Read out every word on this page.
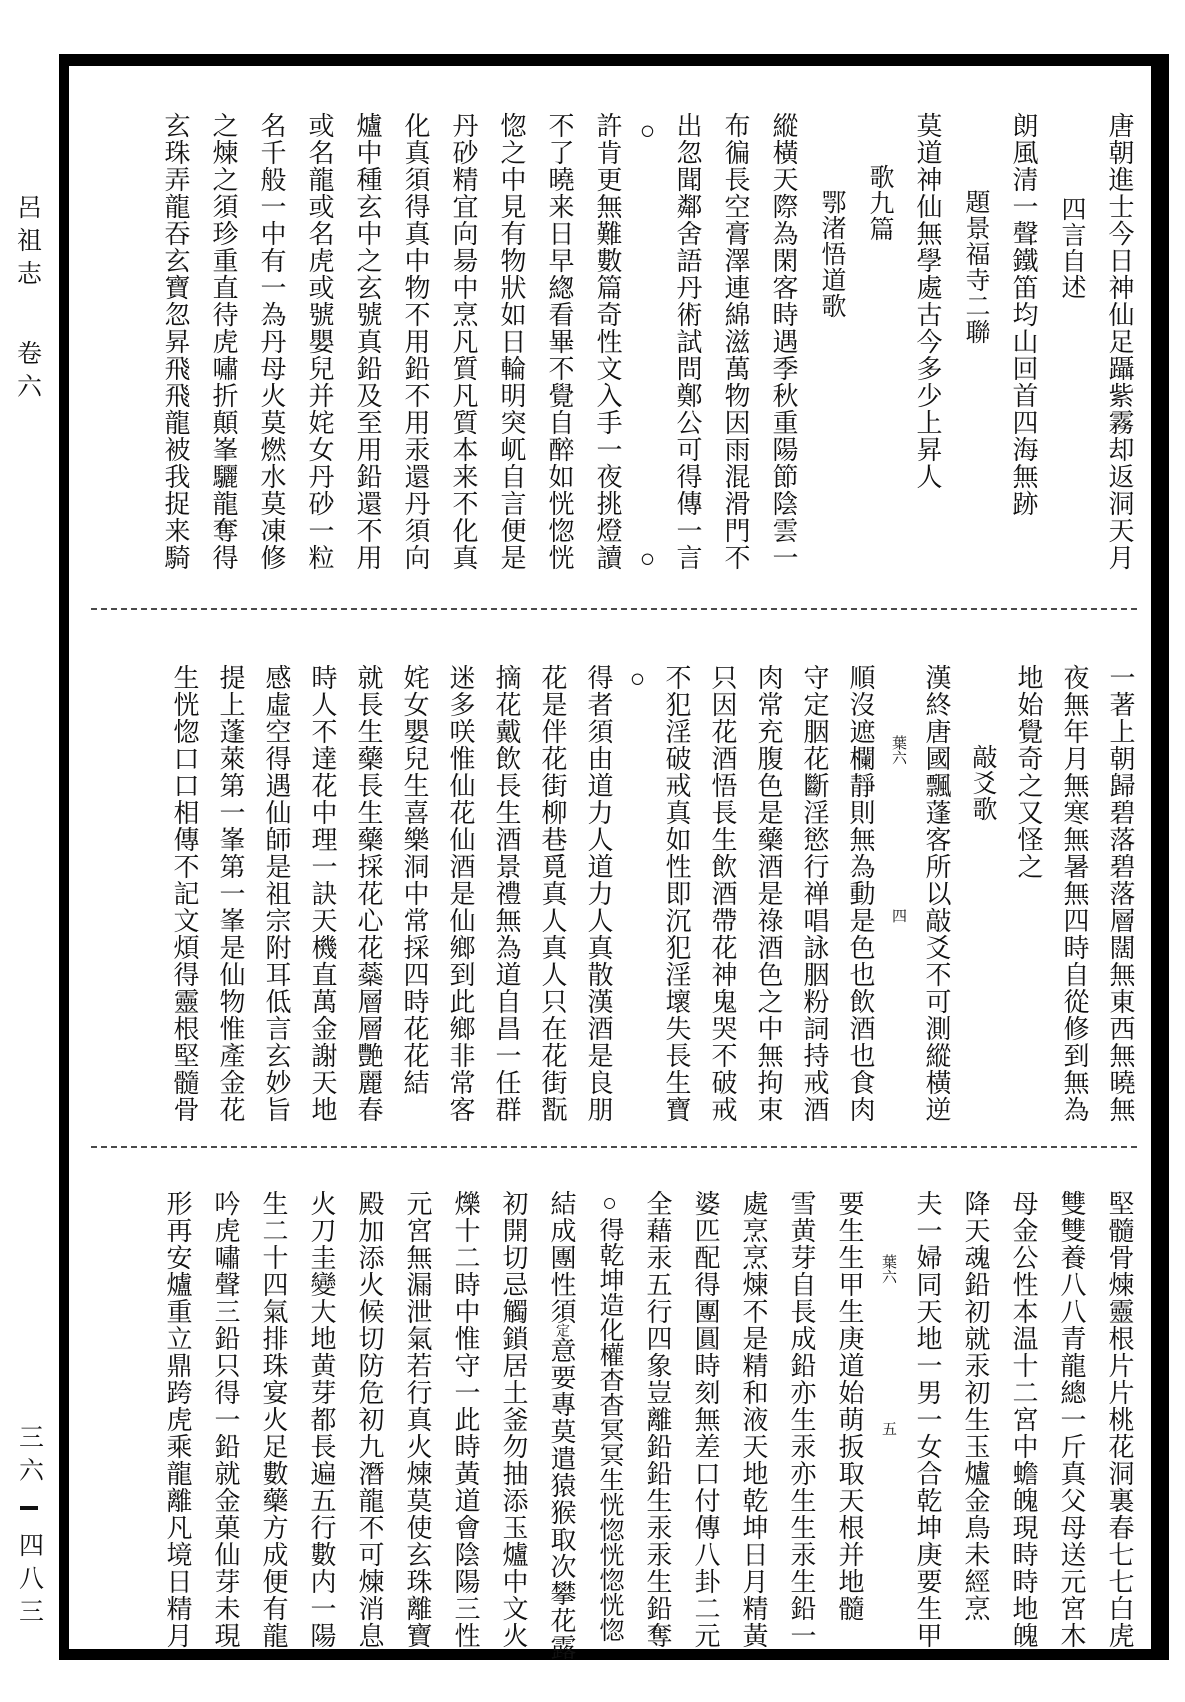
呂祖志
卷六
三六
四八三
唐朝進士今日神仙足躡紫霧却返洞天月
四言自述
朗風清一聲鐵笛均山回首四海無跡
題景福寺二聯
莫道神仙無學處古今多少上昇人
歌九篇
鄂渚悟道歌
縱橫天際為閑客時遇季秋重陽節陰雲一
布徧長空膏澤連綿滋萬物因雨混滑門不
出忽聞鄰舍語丹術試問鄭公可得傳一言
○○
許肯更無難數篇奇性文入手一夜挑燈讀
不了曉来日早緫看畢不覺自醉如恍惚恍
惚之中見有物狀如日輪明突屼自言便是
丹砂精宜向昜中烹凡質凡質本来不化真
化真須得真中物不用鉛不用汞還丹須向
爐中種玄中之玄號真鉛及至用鉛還不用
或名龍或名虎或號嬰兒并姹女丹砂一粒
名千般一中有一為丹母火莫燃水莫凍修
之煉之須珍重直待虎嘯折顛峯驪龍奪得
玄珠弄龍吞玄寶忽昇飛飛龍被我捉来騎
一著上朝歸碧落碧落層闊無東西無曉無
夜無年月無寒無暑無四時自從修到無為
地始覺奇之又怪之
敲爻歌
漢終唐國飄蓬客所以敲爻不可測縱橫逆
葉六四
順沒遮欄靜則無為動是色也飲酒也食肉
守定胭花斷淫慾行禅唱詠胭粉詞持戒酒
肉常充腹色是藥酒是祿酒色之中無拘束
只因花酒悟長生飲酒帶花神鬼哭不破戒
不犯淫破戒真如性即沉犯淫壞失長生寶
○
得者須由道力人道力人真散漢酒是良朋
花是伴花街柳巷覓真人真人只在花街翫
摘花戴飲長生酒景禮無為道自昌一任群
迷多咲惟仙花仙酒是仙鄉到此鄉非常客
姹女嬰兒生喜樂洞中常採四時花花結
就長生藥長生藥採花心花蘂層層艷麗春
時人不達花中理一訣天機直萬金謝天地
感虛空得遇仙師是祖宗附耳低言玄妙旨
提上蓬萊第一峯第一峯是仙物惟產金花
生恍惚口口相傳不記文煩得靈根堅髓骨
堅髓骨煉靈根片片桃花洞裏春七七白虎
雙雙養八八青龍總一斤真父母送元宮木
母金公性本温十二宮中蟾魄現時時地魄
降天魂鉛初就汞初生玉爐金鳥未經烹
夫一婦同天地一男一女合乾坤庚要生甲
葉六五
要生生甲生庚道始萌扳取天根并地髓
雪黄芽自長成鉛亦生汞亦生生汞生鉛一
處烹烹煉不是精和液天地乾坤日月精黃
婆匹配得團圓時刻無差口付傳八卦二元
全藉汞五行四象豈離鉛鉛生汞汞生鉛奪
○得乾坤造化權杳杳冥冥生恍惚恍惚恍惚
結成團性須定意要專莫遣猿猴取次攀花露
初開切忌觸鎖居土釜勿抽添玉爐中文火
爍十二時中惟守一此時黃道會陰陽三性
元宮無漏泄氣若行真火煉莫使玄珠離寶
殿加添火候切防危初九潛龍不可煉消息
火刀圭變大地黄芽都長遍五行數内一陽
生二十四氣排珠宴火足數藥方成便有龍
吟虎嘯聲三鉛只得一鉛就金菓仙芽未現
形再安爐重立鼎跨虎乘龍離凡境日精月
